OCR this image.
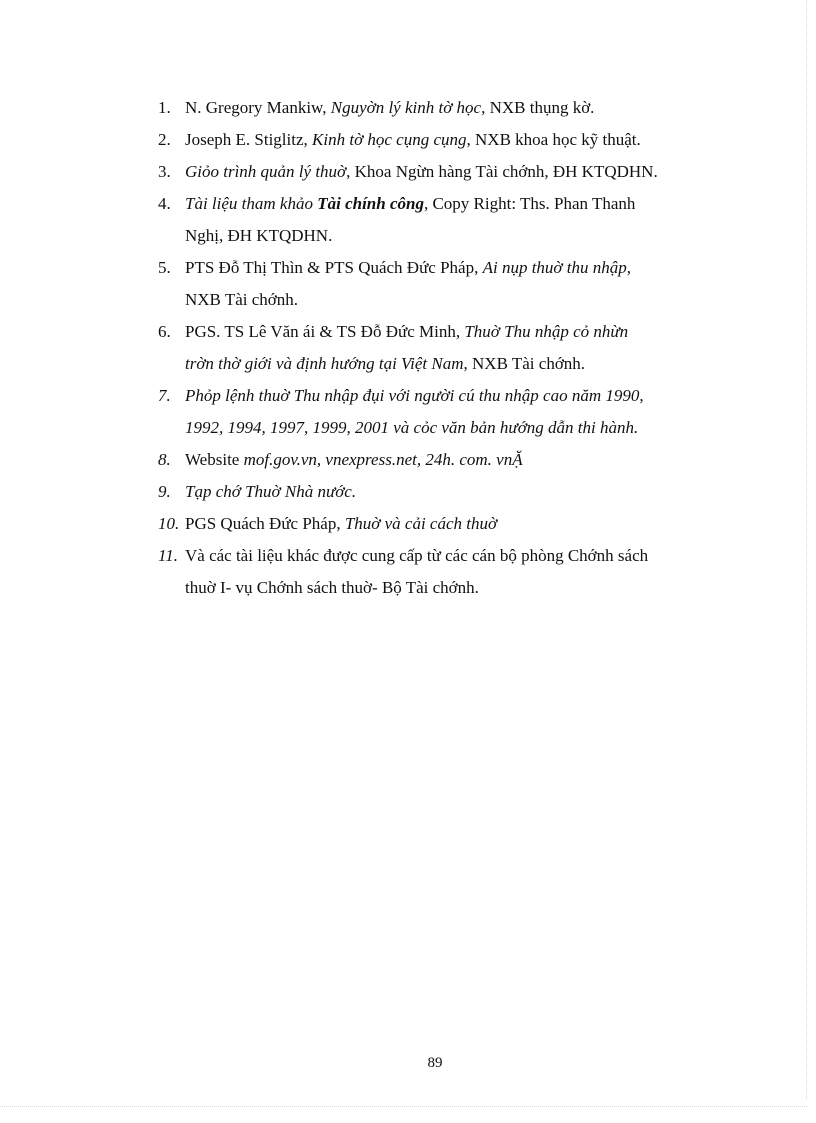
1. N. Gregory Mankiw, Nguyờn lý kinh tờ học, NXB thụng kờ.
2. Joseph E. Stiglitz, Kinh tờ học cụng cụng, NXB khoa học kỹ thuật.
3. Giỏo trình quản lý thuờ, Khoa Ngừn hàng Tài chớnh, ĐH KTQDHN.
4. Tài liệu tham khảo Tài chính công, Copy Right: Ths. Phan Thanh
Nghị, ĐH KTQDHN.
5. PTS Đỗ Thị Thìn & PTS Quách Đức Pháp, Ai nụp thuờ thu nhập,
NXB Tài chớnh.
6. PGS. TS Lê Văn ái & TS Đỗ Đức Minh, Thuờ Thu nhập cỏ nhừn
trờn thờ giới và định hướng tại Việt Nam, NXB Tài chớnh.
7. Phỏp lệnh thuờ Thu nhập đụi với người cú thu nhập cao năm 1990,
1992, 1994, 1997, 1999, 2001 và cỏc văn bản hướng dẫn thi hành.
8. Website mof.gov.vn, vnexpress.net, 24h. com. vnẶ
9. Tạp chớ Thuờ Nhà nước.
10. PGS Quách Đức Pháp, Thuờ và cải cách thuờ
11. Và các tài liệu khác được cung cấp từ các cán bộ phòng Chớnh sách
thuờ I- vụ Chớnh sách thuờ- Bộ Tài chớnh.
89
